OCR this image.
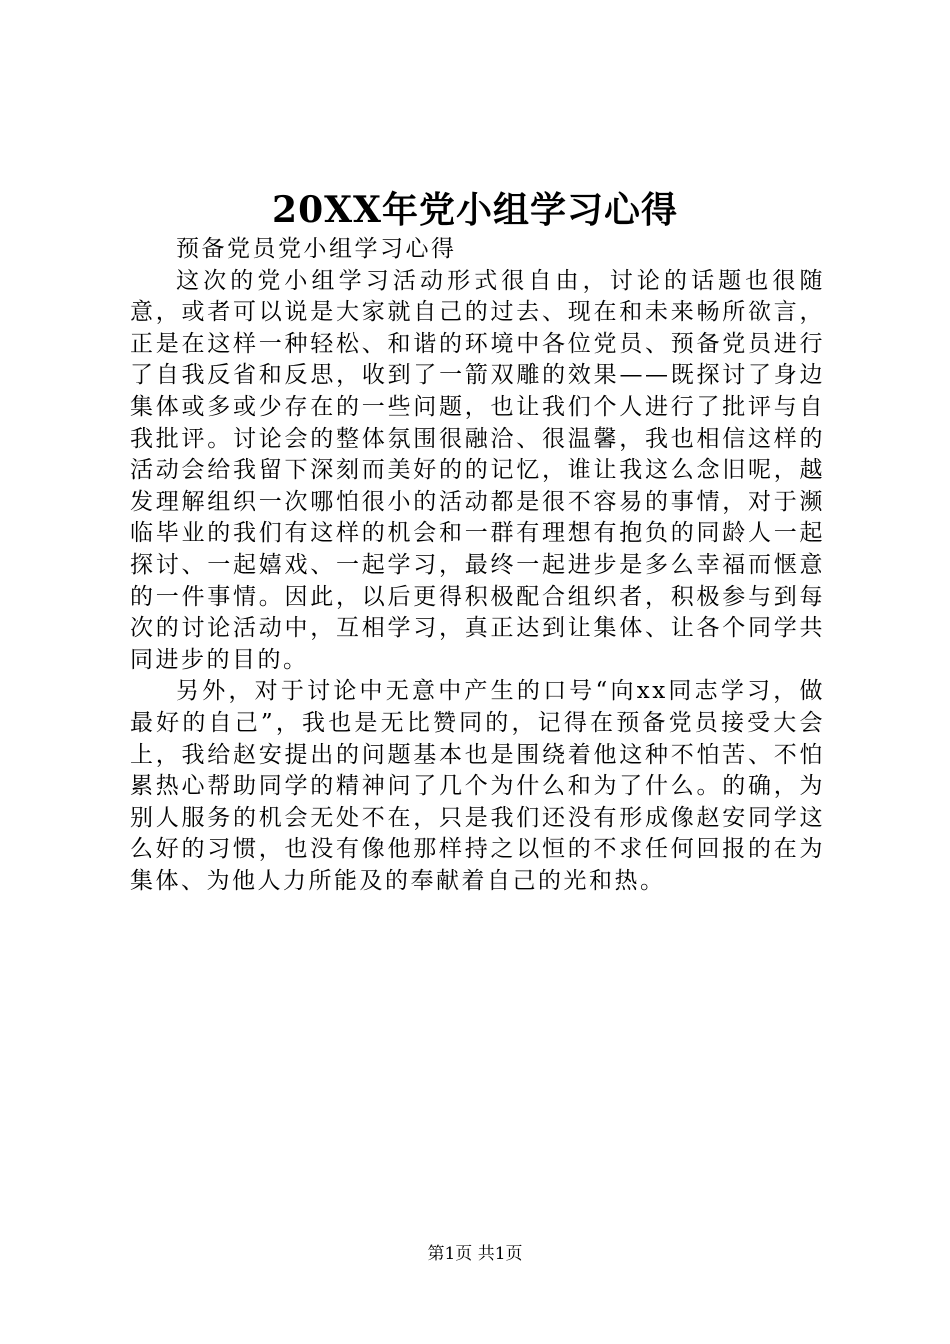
20XX年党小组学习心得

预备党员党小组学习心得

这次的党小组学习活动形式很自由，讨论的话题也很随意，或者可以说是大家就自己的过去、现在和未来畅所欲言，正是在这样一种轻松、和谐的环境中各位党员、预备党员进行了自我反省和反思，收到了一箭双雕的效果——既探讨了身边集体或多或少存在的一些问题，也让我们个人进行了批评与自我批评。讨论会的整体氛围很融洽、很温馨，我也相信这样的活动会给我留下深刻而美好的的记忆，谁让我这么念旧呢，越发理解组织一次哪怕很小的活动都是很不容易的事情，对于濒临毕业的我们有这样的机会和一群有理想有抱负的同龄人一起探讨、一起嬉戏、一起学习，最终一起进步是多么幸福而惬意的一件事情。因此，以后更得积极配合组织者，积极参与到每次的讨论活动中，互相学习，真正达到让集体、让各个同学共同进步的目的。

另外，对于讨论中无意中产生的口号“向xx同志学习，做最好的自己”，我也是无比赞同的，记得在预备党员接受大会上，我给赵安提出的问题基本也是围绕着他这种不怕苦、不怕累热心帮助同学的精神问了几个为什么和为了什么。的确，为别人服务的机会无处不在，只是我们还没有形成像赵安同学这么好的习惯，也没有像他那样持之以恒的不求任何回报的在为集体、为他人力所能及的奉献着自己的光和热。

第1页 共1页
